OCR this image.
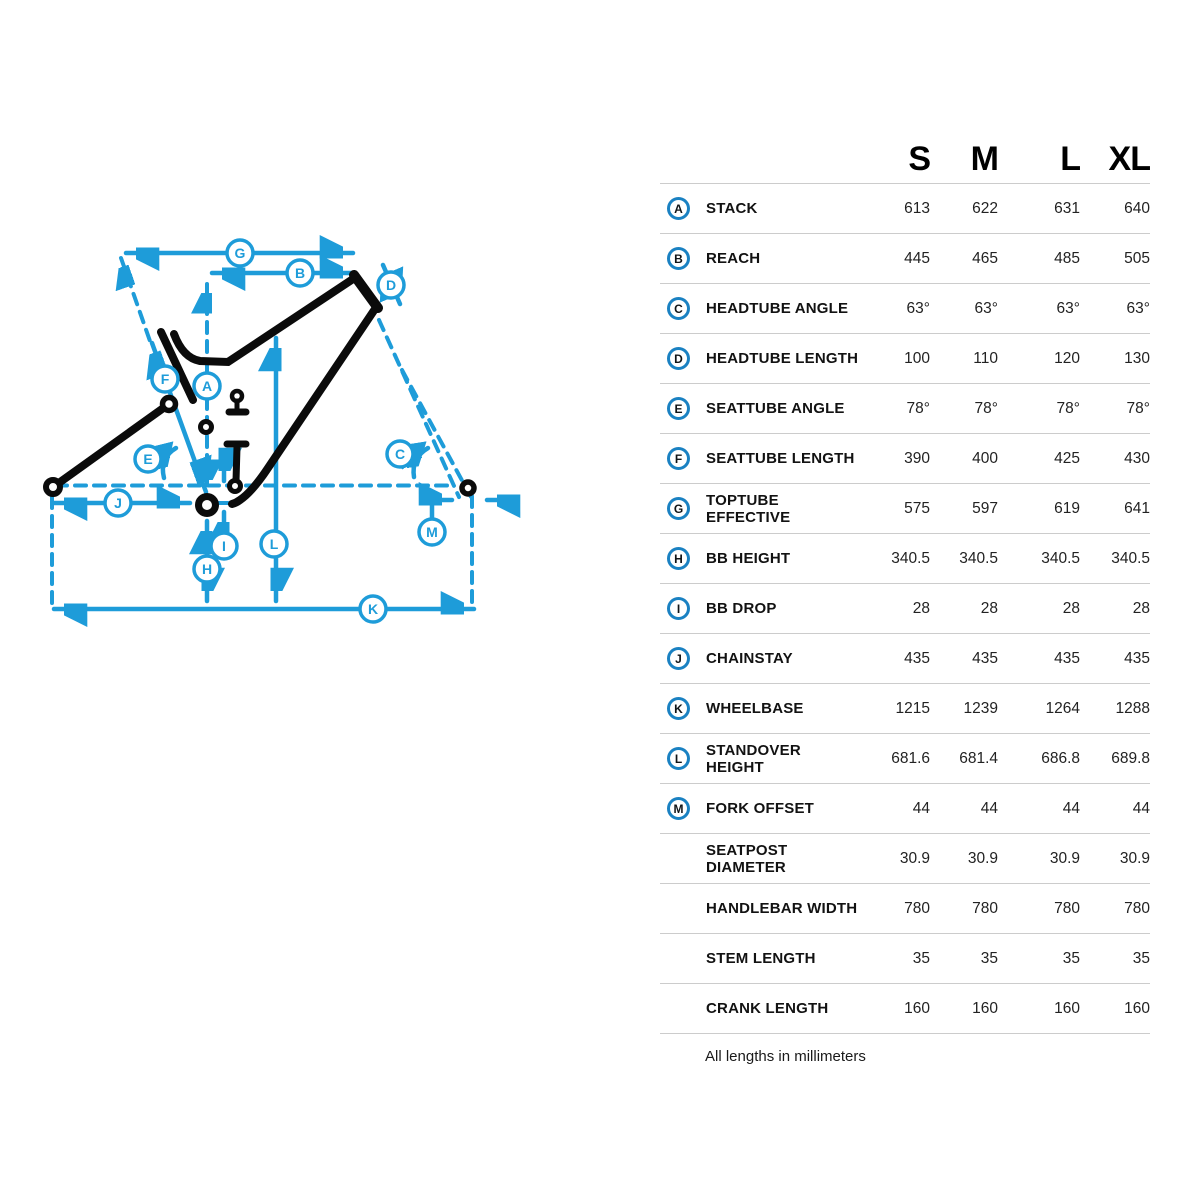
G
B
D
F A
E	C
J
M
I	L
H
K
S	M	L XL
A	STACK	613	622	631	640
B	REACH	445	465	485	505
C	HEADTUBE ANGLE	63°	63°	63°	63°
D	HEADTUBE LENGTH	100	110	120	130
E	SEATTUBE ANGLE	78°	78°	78°	78°
F	SEATTUBE LENGTH	390	400	425	430
G	TOPTUBE EFFECTIVE
575	597	619	641
H	BB HEIGHT	340.5	340.5	340.5	340.5
I	BB DROP	28	28	28	28
J	CHAINSTAY	435	435	435	435
K	WHEELBASE	1215	1239	1264	1288
L	STANDOVER HEIGHT
681.6	681.4	686.8	689.8
M	FORK OFFSET	44	44	44	44
SEATPOST DIAMETER
30.9	30.9	30.9	30.9
HANDLEBAR WIDTH	780	780	780	780
STEM LENGTH	35	35	35	35
CRANK LENGTH	160	160	160	160
All lengths in millimeters
